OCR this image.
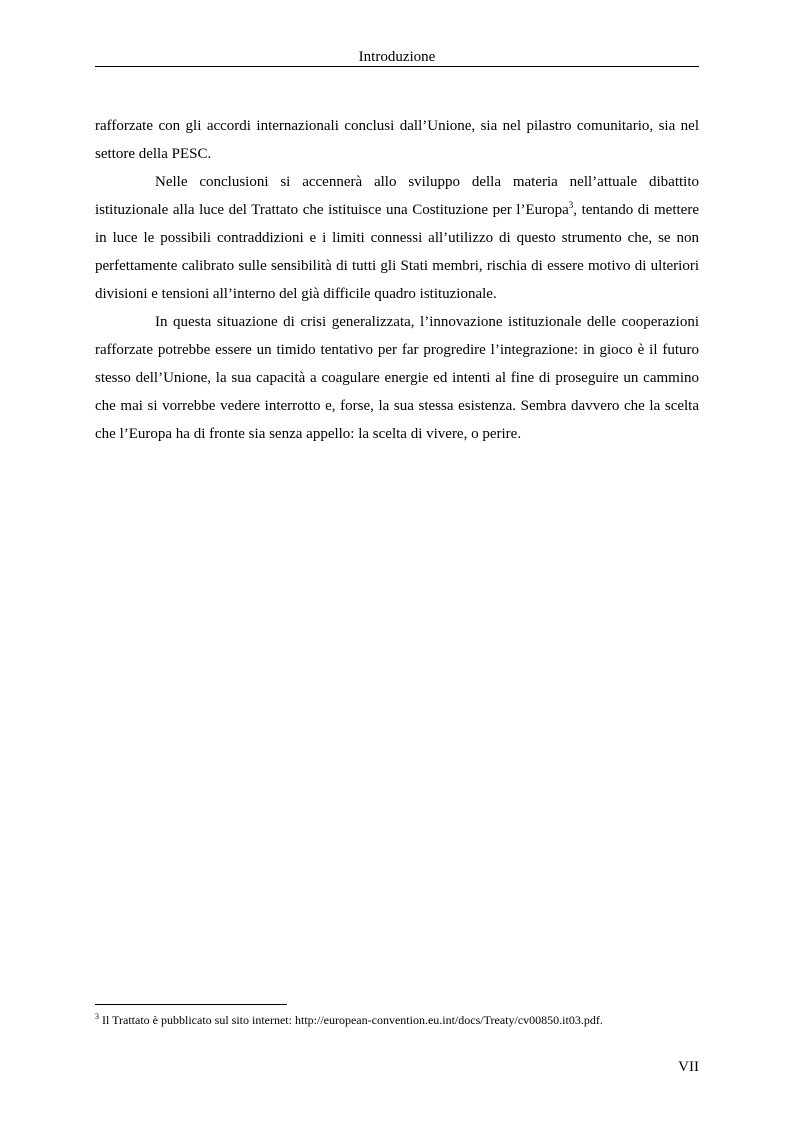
Introduzione

rafforzate con gli accordi internazionali conclusi dall’Unione, sia nel pilastro comunitario, sia nel settore della PESC.

Nelle conclusioni si accennerà allo sviluppo della materia nell’attuale dibattito istituzionale alla luce del Trattato che istituisce una Costituzione per l’Europa$^3$, tentando di mettere in luce le possibili contraddizioni e i limiti connessi all’utilizzo di questo strumento che, se non perfettamente calibrato sulle sensibilità di tutti gli Stati membri, rischia di essere motivo di ulteriori divisioni e tensioni all’interno del già difficile quadro istituzionale.

In questa situazione di crisi generalizzata, l’innovazione istituzionale delle cooperazioni rafforzate potrebbe essere un timido tentativo per far progredire l’integrazione: in gioco è il futuro stesso dell’Unione, la sua capacità a coagulare energie ed intenti al fine di proseguire un cammino che mai si vorrebbe vedere interrotto e, forse, la sua stessa esistenza. Sembra davvero che la scelta che l’Europa ha di fronte sia senza appello: la scelta di vivere, o perire.

$^3$ Il Trattato è pubblicato sul sito internet: http://european-convention.eu.int/docs/Treaty/cv00850.it03.pdf.
VII
